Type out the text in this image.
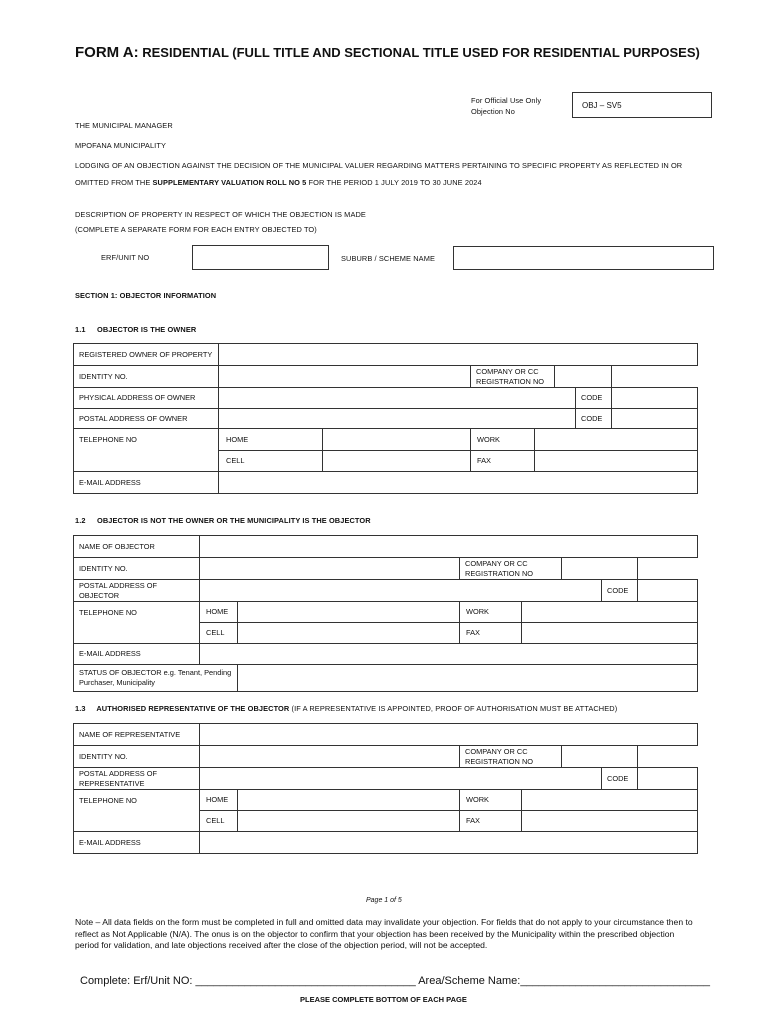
FORM A: RESIDENTIAL (FULL TITLE AND SECTIONAL TITLE USED FOR RESIDENTIAL PURPOSES)
For Official Use Only
Objection No
OBJ – SV5
THE MUNICIPAL MANAGER
MPOFANA MUNICIPALITY
LODGING OF AN OBJECTION AGAINST THE DECISION OF THE MUNICIPAL VALUER REGARDING MATTERS PERTAINING TO SPECIFIC PROPERTY AS REFLECTED IN OR
OMITTED FROM THE SUPPLEMENTARY VALUATION ROLL NO 5 FOR THE PERIOD 1 JULY 2019 TO 30 JUNE 2024
DESCRIPTION OF PROPERTY IN RESPECT OF WHICH THE OBJECTION IS MADE
(COMPLETE A SEPARATE FORM FOR EACH ENTRY OBJECTED TO)
ERF/UNIT NO	SUBURB / SCHEME NAME
SECTION 1: OBJECTOR INFORMATION
1.1 OBJECTOR IS THE OWNER
REGISTERED OWNER OF PROPERTY							
IDENTITY NO.			COMPANY OR CC REGISTRATION NO				
PHYSICAL ADDRESS OF OWNER						CODE	
POSTAL ADDRESS OF OWNER						CODE	
TELEPHONE NO	HOME		WORK				
	CELL		FAX				
E-MAIL ADDRESS							
1.2 OBJECTOR IS NOT THE OWNER OR THE MUNICIPALITY IS THE OBJECTOR
NAME OF OBJECTOR							
IDENTITY NO.			COMPANY OR CC REGISTRATION NO				
POSTAL ADDRESS OF OBJECTOR						CODE	
TELEPHONE NO	HOME		WORK				
	CELL		FAX				
E-MAIL ADDRESS							
STATUS OF OBJECTOR e.g. Tenant, Pending Purchaser, Municipality							
1.3 AUTHORISED REPRESENTATIVE OF THE OBJECTOR (IF A REPRESENTATIVE IS APPOINTED, PROOF OF AUTHORISATION MUST BE ATTACHED)
NAME OF REPRESENTATIVE							
IDENTITY NO.			COMPANY OR CC REGISTRATION NO				
POSTAL ADDRESS OF REPRESENTATIVE						CODE	
TELEPHONE NO	HOME		WORK				
	CELL		FAX				
E-MAIL ADDRESS							
Page 1 of 5
Note – All data fields on the form must be completed in full and omitted data may invalidate your objection. For fields that do not apply to your circumstance then to reflect as Not Applicable (N/A). The onus is on the objector to confirm that your objection has been received by the Municipality within the prescribed objection period for validation, and late objections received after the close of the objection period, will not be accepted.
Complete: Erf/Unit NO: ____________________________________ Area/Scheme Name:_______________________________
PLEASE COMPLETE BOTTOM OF EACH PAGE
